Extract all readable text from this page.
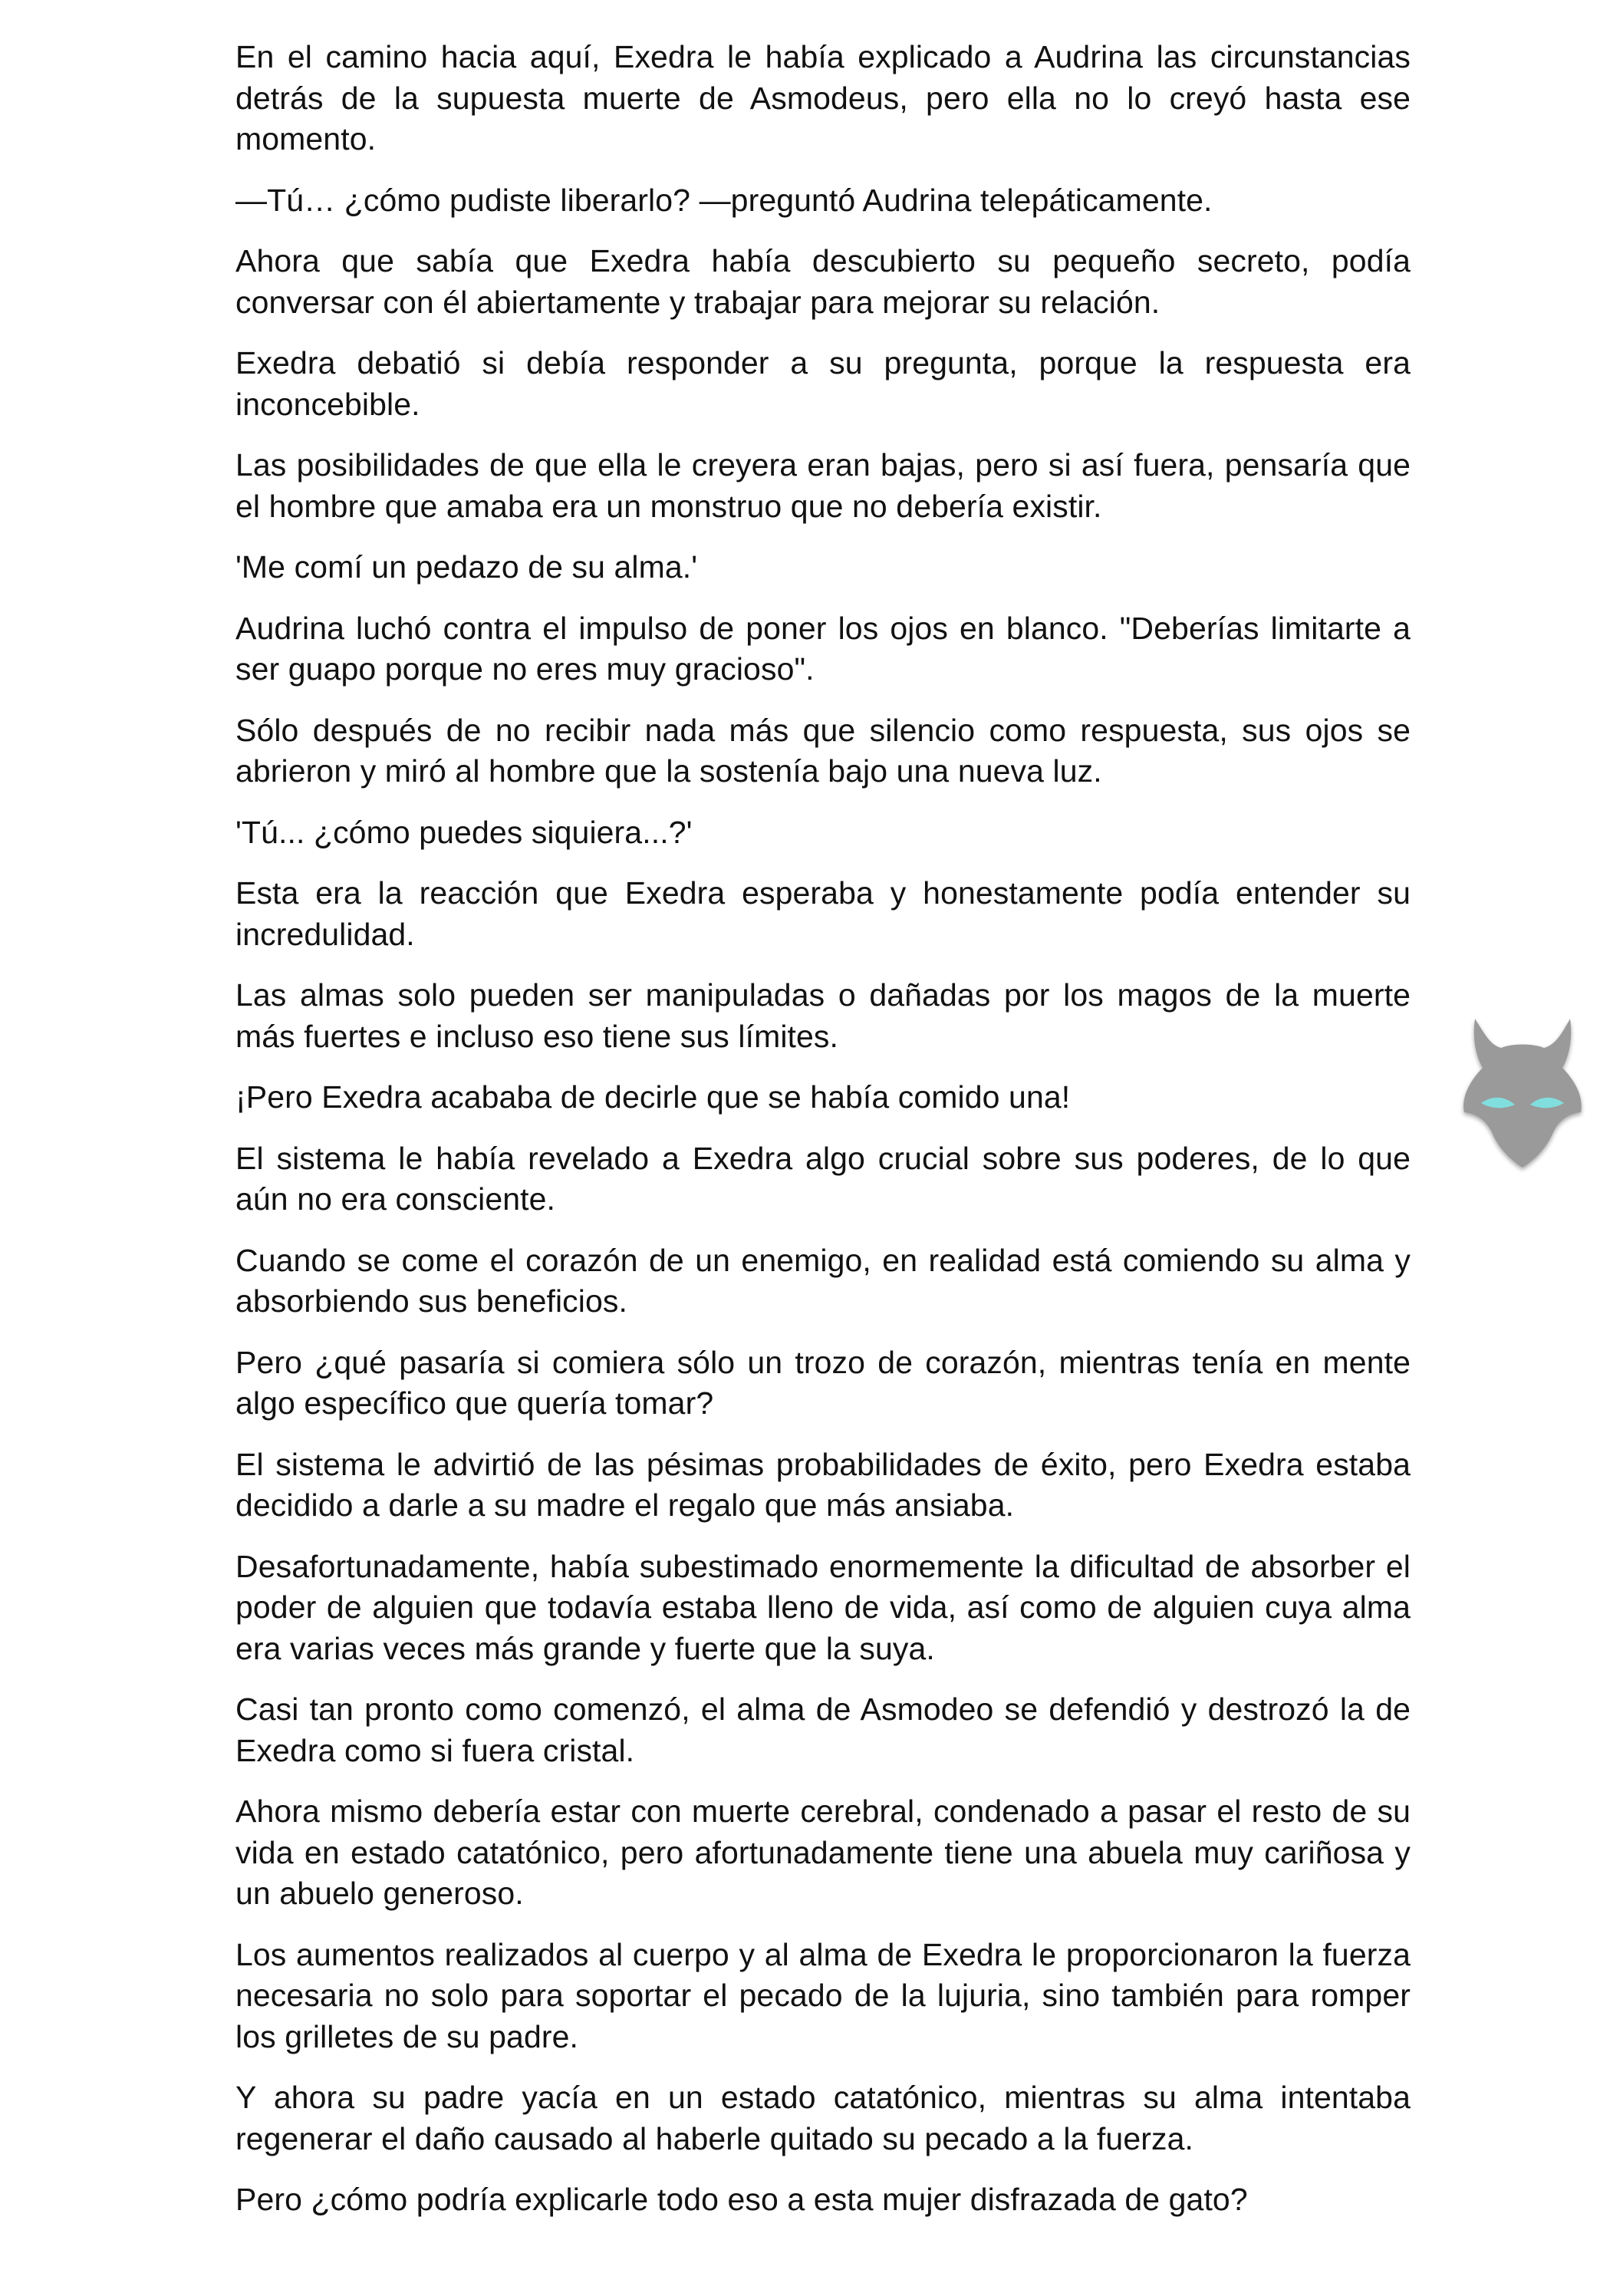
En el camino hacia aquí, Exedra le había explicado a Audrina las circunstancias detrás de la supuesta muerte de Asmodeus, pero ella no lo creyó hasta ese momento.

—Tú… ¿cómo pudiste liberarlo? —preguntó Audrina telepáticamente.

Ahora que sabía que Exedra había descubierto su pequeño secreto, podía conversar con él abiertamente y trabajar para mejorar su relación.

Exedra debatió si debía responder a su pregunta, porque la respuesta era inconcebible.

Las posibilidades de que ella le creyera eran bajas, pero si así fuera, pensaría que el hombre que amaba era un monstruo que no debería existir.

'Me comí un pedazo de su alma.'

Audrina luchó contra el impulso de poner los ojos en blanco. "Deberías limitarte a ser guapo porque no eres muy gracioso".

Sólo después de no recibir nada más que silencio como respuesta, sus ojos se abrieron y miró al hombre que la sostenía bajo una nueva luz.

'Tú... ¿cómo puedes siquiera...?'

Esta era la reacción que Exedra esperaba y honestamente podía entender su incredulidad.

Las almas solo pueden ser manipuladas o dañadas por los magos de la muerte más fuertes e incluso eso tiene sus límites.

¡Pero Exedra acababa de decirle que se había comido una!

El sistema le había revelado a Exedra algo crucial sobre sus poderes, de lo que aún no era consciente.

Cuando se come el corazón de un enemigo, en realidad está comiendo su alma y absorbiendo sus beneficios.

Pero ¿qué pasaría si comiera sólo un trozo de corazón, mientras tenía en mente algo específico que quería tomar?

El sistema le advirtió de las pésimas probabilidades de éxito, pero Exedra estaba decidido a darle a su madre el regalo que más ansiaba.

Desafortunadamente, había subestimado enormemente la dificultad de absorber el poder de alguien que todavía estaba lleno de vida, así como de alguien cuya alma era varias veces más grande y fuerte que la suya.

Casi tan pronto como comenzó, el alma de Asmodeo se defendió y destrozó la de Exedra como si fuera cristal.

Ahora mismo debería estar con muerte cerebral, condenado a pasar el resto de su vida en estado catatónico, pero afortunadamente tiene una abuela muy cariñosa y un abuelo generoso.

Los aumentos realizados al cuerpo y al alma de Exedra le proporcionaron la fuerza necesaria no solo para soportar el pecado de la lujuria, sino también para romper los grilletes de su padre.

Y ahora su padre yacía en un estado catatónico, mientras su alma intentaba regenerar el daño causado al haberle quitado su pecado a la fuerza.

Pero ¿cómo podría explicarle todo eso a esta mujer disfrazada de gato?
